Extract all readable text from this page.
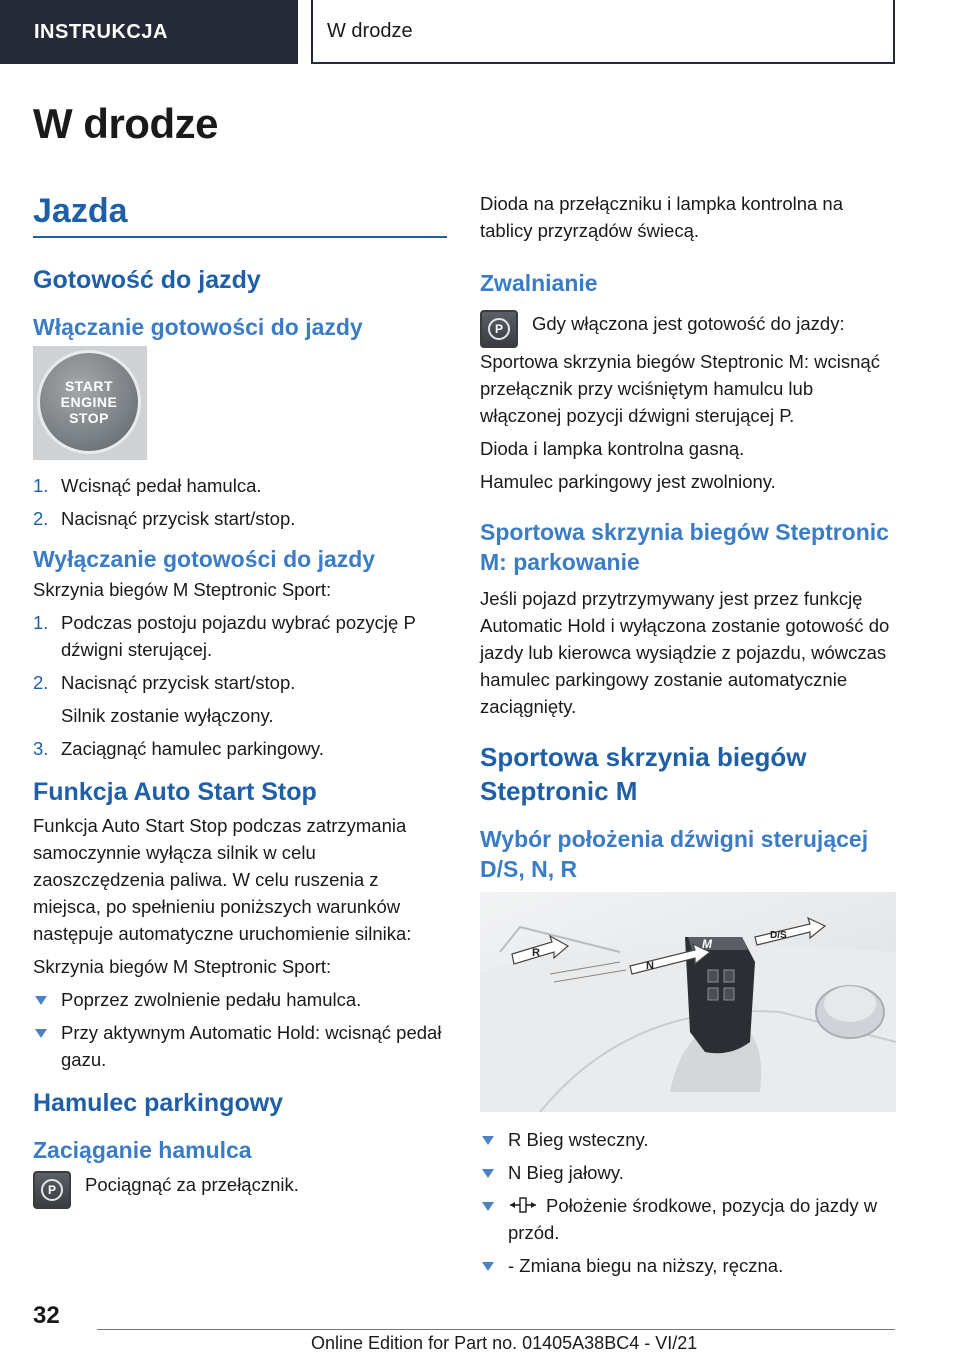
INSTRUKCJA	W drodze
W drodze
Jazda
Gotowość do jazdy
Włączanie gotowości do jazdy
START
ENGINE
STOP
1. Wcisnąć pedał hamulca.
2. Nacisnąć przycisk start/stop.
Wyłączanie gotowości do jazdy

Skrzynia biegów M Steptronic Sport:

1. Podczas postoju pojazdu wybrać pozycję P dźwigni sterującej.
2. Nacisnąć przycisk start/stop.
Silnik zostanie wyłączony.
3. Zaciągnąć hamulec parkingowy.
Funkcja Auto Start Stop

Funkcja Auto Start Stop podczas zatrzymania samoczynnie wyłącza silnik w celu zaoszczędzenia paliwa. W celu ruszenia z miejsca, po spełnieniu poniższych warunków następuje automatyczne uruchomienie silnika:

Skrzynia biegów M Steptronic Sport:

Poprzez zwolnienie pedału hamulca.
Przy aktywnym Automatic Hold: wcisnąć pedał gazu.
Hamulec parkingowy
Zaciąganie hamulca
P	Pociągnąć za przełącznik.

Dioda na przełączniku i lampka kontrolna na tablicy przyrządów świecą.

Zwalnianie
P	Gdy włączona jest gotowość do jazdy:

Sportowa skrzynia biegów Steptronic M: wcisnąć przełącznik przy wciśniętym hamulcu lub włączonej pozycji dźwigni sterującej P.

Dioda i lampka kontrolna gasną.

Hamulec parkingowy jest zwolniony.

Sportowa skrzynia biegów Steptronic M: parkowanie

Jeśli pojazd przytrzymywany jest przez funkcję Automatic Hold i wyłączona zostanie gotowość do jazdy lub kierowca wysiądzie z pojazdu, wówczas hamulec parkingowy zostanie automatycznie zaciągnięty.

Sportowa skrzynia biegów Steptronic M
Wybór położenia dźwigni sterującej D/S, N, R
M
R
N
D/S
R Bieg wsteczny.
N Bieg jałowy.
Położenie środkowe, pozycja do jazdy w przód.
- Zmiana biegu na niższy, ręczna.
32
Online Edition for Part no. 01405A38BC4 - VI/21
